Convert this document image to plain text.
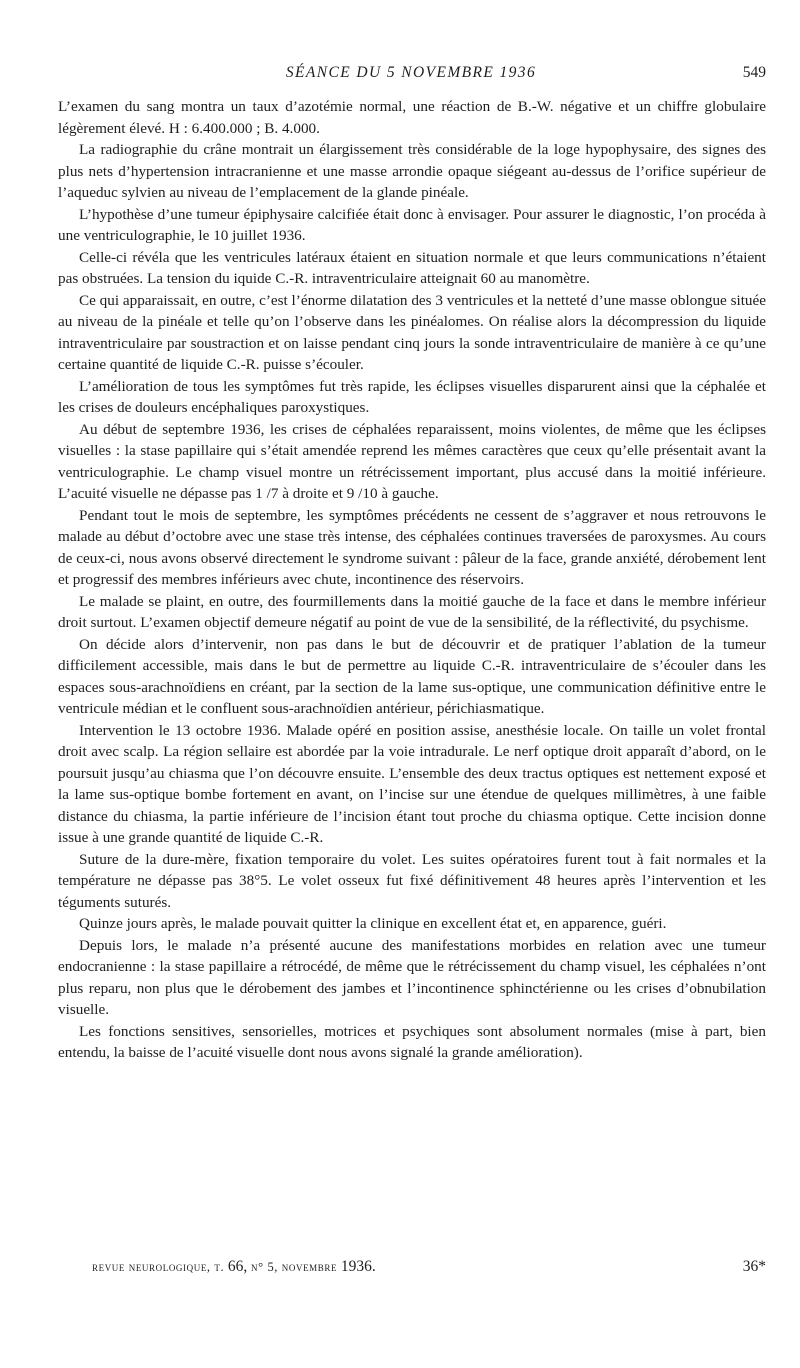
SÉANCE DU 5 NOVEMBRE 1936	549

L’examen du sang montra un taux d’azotémie normal, une réaction de B.-W. négative et un chiffre globulaire légèrement élevé. H : 6.400.000 ; B. 4.000.

La radiographie du crâne montrait un élargissement très considérable de la loge hypophysaire, des signes des plus nets d’hypertension intracranienne et une masse arrondie opaque siégeant au-dessus de l’orifice supérieur de l’aqueduc sylvien au niveau de l’emplacement de la glande pinéale.

L’hypothèse d’une tumeur épiphysaire calcifiée était donc à envisager. Pour assurer le diagnostic, l’on procéda à une ventriculographie, le 10 juillet 1936.

Celle-ci révéla que les ventricules latéraux étaient en situation normale et que leurs communications n’étaient pas obstruées. La tension du iquide C.-R. intraventriculaire atteignait 60 au manomètre.

Ce qui apparaissait, en outre, c’est l’énorme dilatation des 3 ventricules et la netteté d’une masse oblongue située au niveau de la pinéale et telle qu’on l’observe dans les pinéalomes. On réalise alors la décompression du liquide intraventriculaire par soustraction et on laisse pendant cinq jours la sonde intraventriculaire de manière à ce qu’une certaine quantité de liquide C.-R. puisse s’écouler.

L’amélioration de tous les symptômes fut très rapide, les éclipses visuelles disparurent ainsi que la céphalée et les crises de douleurs encéphaliques paroxystiques.

Au début de septembre 1936, les crises de céphalées reparaissent, moins violentes, de même que les éclipses visuelles : la stase papillaire qui s’était amendée reprend les mêmes caractères que ceux qu’elle présentait avant la ventriculographie. Le champ visuel montre un rétrécissement important, plus accusé dans la moitié inférieure. L’acuité visuelle ne dépasse pas 1 /7 à droite et 9 /10 à gauche.

Pendant tout le mois de septembre, les symptômes précédents ne cessent de s’aggraver et nous retrouvons le malade au début d’octobre avec une stase très intense, des céphalées continues traversées de paroxysmes. Au cours de ceux-ci, nous avons observé directement le syndrome suivant : pâleur de la face, grande anxiété, dérobement lent et progressif des membres inférieurs avec chute, incontinence des réservoirs.

Le malade se plaint, en outre, des fourmillements dans la moitié gauche de la face et dans le membre inférieur droit surtout. L’examen objectif demeure négatif au point de vue de la sensibilité, de la réflectivité, du psychisme.

On décide alors d’intervenir, non pas dans le but de découvrir et de pratiquer l’ablation de la tumeur difficilement accessible, mais dans le but de permettre au liquide C.-R. intraventriculaire de s’écouler dans les espaces sous-arachnoïdiens en créant, par la section de la lame sus-optique, une communication définitive entre le ventricule médian et le confluent sous-arachnoïdien antérieur, périchiasmatique.

Intervention le 13 octobre 1936. Malade opéré en position assise, anesthésie locale. On taille un volet frontal droit avec scalp. La région sellaire est abordée par la voie intradurale. Le nerf optique droit apparaît d’abord, on le poursuit jusqu’au chiasma que l’on découvre ensuite. L’ensemble des deux tractus optiques est nettement exposé et la lame sus-optique bombe fortement en avant, on l’incise sur une étendue de quelques millimètres, à une faible distance du chiasma, la partie inférieure de l’incision étant tout proche du chiasma optique. Cette incision donne issue à une grande quantité de liquide C.-R.

Suture de la dure-mère, fixation temporaire du volet. Les suites opératoires furent tout à fait normales et la température ne dépasse pas 38°5. Le volet osseux fut fixé définitivement 48 heures après l’intervention et les téguments suturés.

Quinze jours après, le malade pouvait quitter la clinique en excellent état et, en apparence, guéri.

Depuis lors, le malade n’a présenté aucune des manifestations morbides en relation avec une tumeur endocranienne : la stase papillaire a rétrocédé, de même que le rétrécissement du champ visuel, les céphalées n’ont plus reparu, non plus que le dérobement des jambes et l’incontinence sphinctérienne ou les crises d’obnubilation visuelle.

Les fonctions sensitives, sensorielles, motrices et psychiques sont absolument normales (mise à part, bien entendu, la baisse de l’acuité visuelle dont nous avons signalé la grande amélioration).

revue neurologique, t. 66, n° 5, novembre 1936.	36*
